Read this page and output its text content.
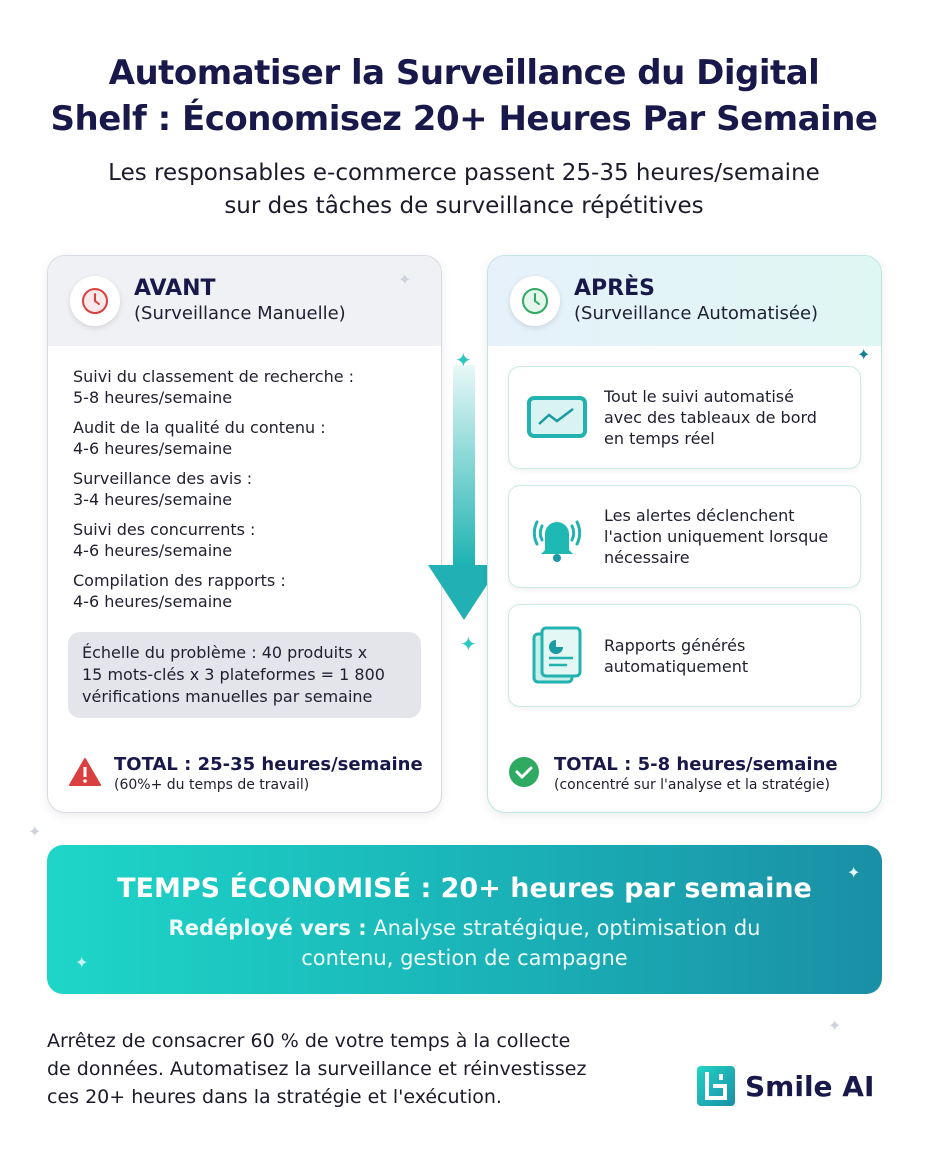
Automatiser la Surveillance du Digital
Shelf : Économisez 20+ Heures Par Semaine
Les responsables e-commerce passent 25-35 heures/semaine
sur des tâches de surveillance répétitives
AVANT
(Surveillance Manuelle)
Suivi du classement de recherche :
5-8 heures/semaine
Audit de la qualité du contenu :
4-6 heures/semaine
Surveillance des avis :
3-4 heures/semaine
Suivi des concurrents :
4-6 heures/semaine
Compilation des rapports :
4-6 heures/semaine
Échelle du problème : 40 produits x
15 mots-clés x 3 plateformes = 1 800
vérifications manuelles par semaine
TOTAL : 25-35 heures/semaine
(60%+ du temps de travail)
✦
✦
✦
✦
✦
APRÈS
(Surveillance Automatisée)
Tout le suivi automatisé
avec des tableaux de bord
en temps réel
Les alertes déclenchent
l'action uniquement lorsque
nécessaire
Rapports générés
automatiquement
TOTAL : 5-8 heures/semaine
(concentré sur l'analyse et la stratégie)
✦
TEMPS ÉCONOMISÉ : 20+ heures par semaine
Redéployé vers : Analyse stratégique, optimisation du
contenu, gestion de campagne
✦
✦
Arrêtez de consacrer 60 % de votre temps à la collecte
de données. Automatisez la surveillance et réinvestissez
ces 20+ heures dans la stratégie et l'exécution.	Smile AI
